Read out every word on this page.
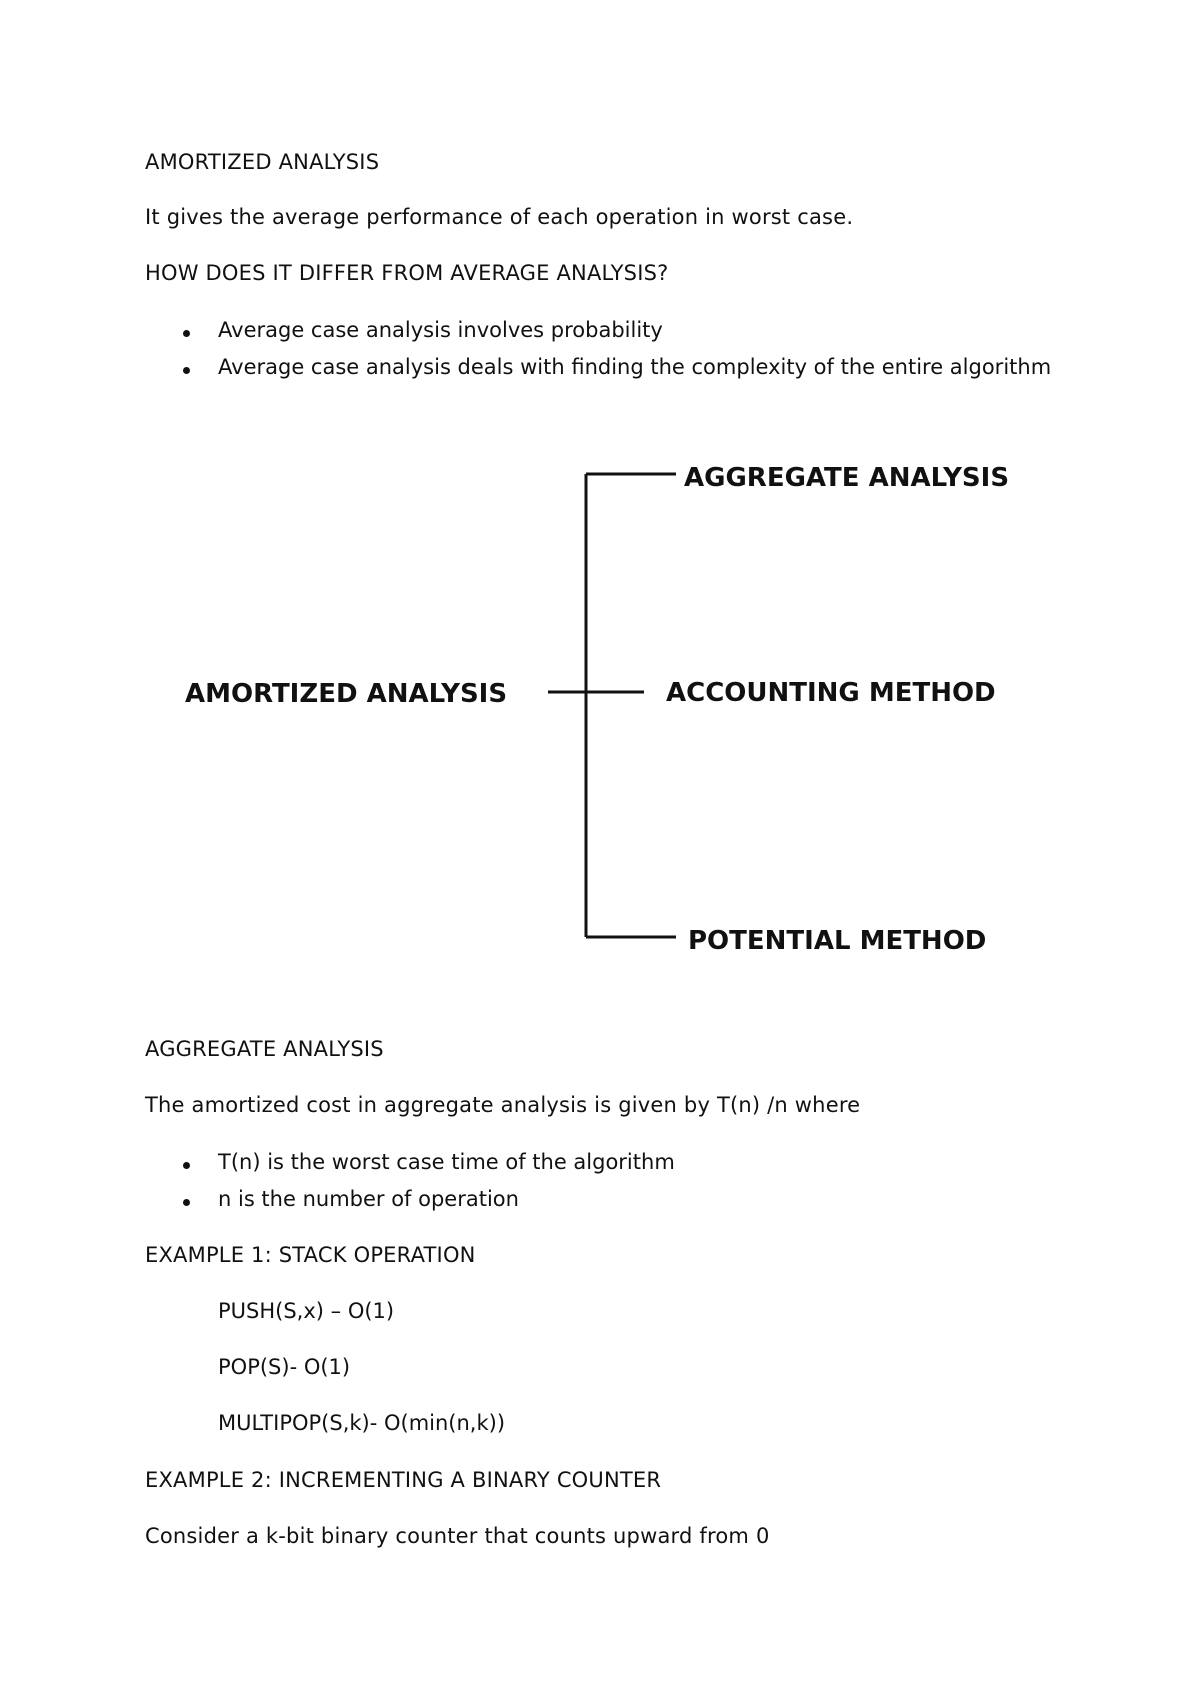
AMORTIZED ANALYSIS
It gives the average performance of each operation in worst case.
HOW DOES IT DIFFER FROM AVERAGE ANALYSIS?
Average case analysis involves probability
Average case analysis deals with finding the complexity of the entire algorithm
AMORTIZED ANALYSIS
AGGREGATE ANALYSIS
ACCOUNTING METHOD
POTENTIAL METHOD
AGGREGATE ANALYSIS
The amortized cost in aggregate analysis is given by T(n) /n where
T(n) is the worst case time of the algorithm
n is the number of operation
EXAMPLE 1: STACK OPERATION
PUSH(S,x) – O(1)
POP(S)- O(1)
MULTIPOP(S,k)- O(min(n,k))
EXAMPLE 2: INCREMENTING A BINARY COUNTER
Consider a k-bit binary counter that counts upward from 0
